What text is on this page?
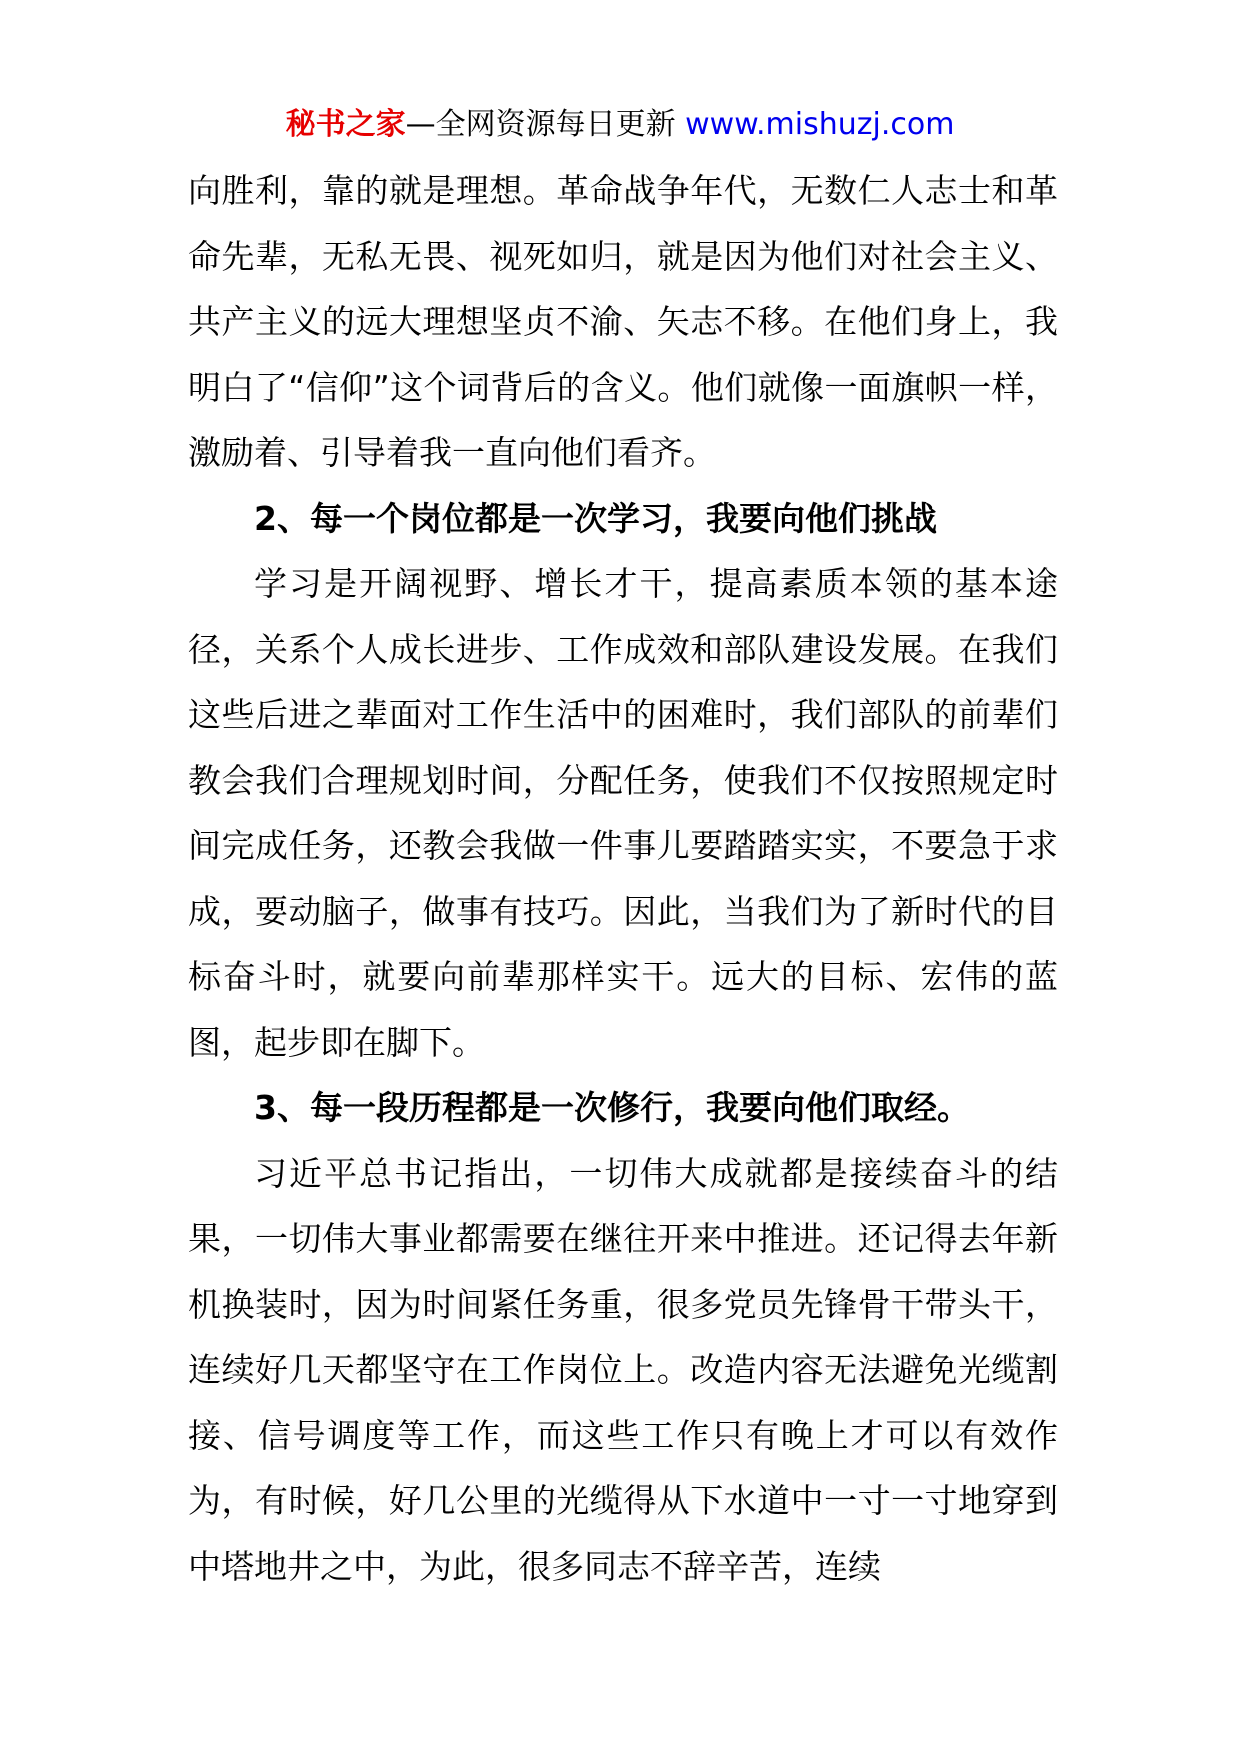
秘书之家—全网资源每日更新 www.mishuzj.com

向胜利，靠的就是理想。革命战争年代，无数仁人志士和革命先辈，无私无畏、视死如归，就是因为他们对社会主义、共产主义的远大理想坚贞不渝、矢志不移。在他们身上，我明白了“信仰”这个词背后的含义。他们就像一面旗帜一样，激励着、引导着我一直向他们看齐。

2、每一个岗位都是一次学习，我要向他们挑战

学习是开阔视野、增长才干，提高素质本领的基本途径，关系个人成长进步、工作成效和部队建设发展。在我们这些后进之辈面对工作生活中的困难时，我们部队的前辈们教会我们合理规划时间，分配任务，使我们不仅按照规定时间完成任务，还教会我做一件事儿要踏踏实实，不要急于求成，要动脑子，做事有技巧。因此，当我们为了新时代的目标奋斗时，就要向前辈那样实干。远大的目标、宏伟的蓝图，起步即在脚下。

3、每一段历程都是一次修行，我要向他们取经。

习近平总书记指出，一切伟大成就都是接续奋斗的结果，一切伟大事业都需要在继往开来中推进。还记得去年新机换装时，因为时间紧任务重，很多党员先锋骨干带头干，连续好几天都坚守在工作岗位上。改造内容无法避免光缆割接、信号调度等工作，而这些工作只有晚上才可以有效作为，有时候，好几公里的光缆得从下水道中一寸一寸地穿到中塔地井之中，为此，很多同志不辞辛苦，连续
